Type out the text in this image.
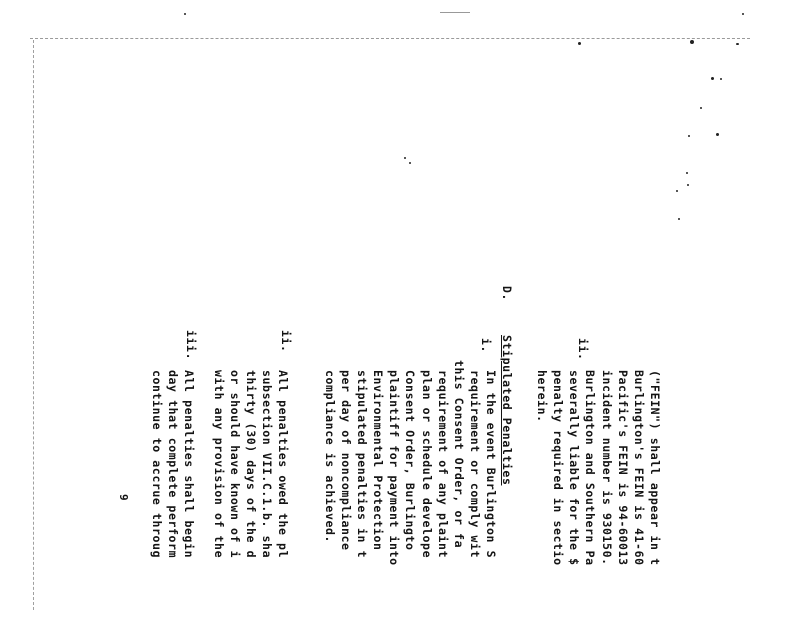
ii.
D.
i.
ii.
iii.
("FEIN") shall appear in t
Burlington's FEIN is 41-60
Pacific's FEIN is 94-60013
incident number is 930150.
Burlington and Southern Pa
severally liable for the $
penalty required in sectio
herein.
Stipulated Penalties
In the event Burlington S
requirement or comply wit
this Consent Order, or fa
requirement of any plaint
plan or schedule develope
Consent Order, Burlingto
plaintiff for payment into
Environmental Protection
stipulated penalties in t
per day of noncompliance
compliance is achieved.
All penalties owed the pl
subsection VII.C.1.b. sha
thirty (30) days of the d
or should have known of i
with any provision of the
All penalties shall begin
day that complete perform
continue to accrue throug
9
